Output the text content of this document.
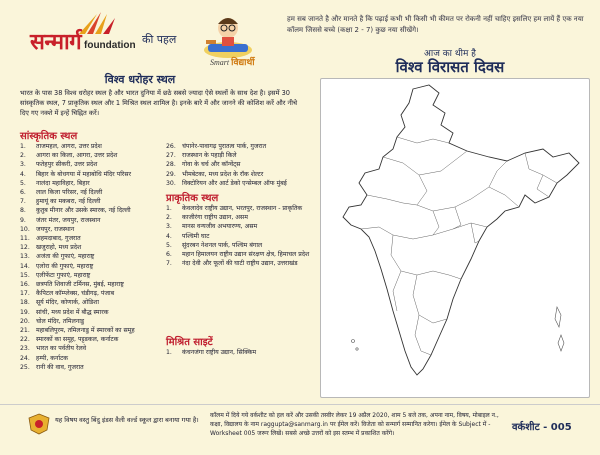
सन्मार्ग foundation की पहल
Smart विद्यार्थी

हम सब जानते है और मानते है कि पढ़ाई कभी भी किसी भी कीमत पर रोकनी नहीं चाहिए इसलिए हम लायें हैं एक नया कॉलम जिससे बच्चे (कक्षा 2 - 7) कुछ नया सीखेंगे।

आज का थीम है
विश्व विरासत दिवस
विश्व धरोहर स्थल

भारत के पास 38 विश्व धरोहर स्थल है और भारत दुनिया में छठे सबसे ज्यादा ऐसे स्थलों के साथ देश है। इसमें 30 सांस्कृतिक स्थल, 7 प्राकृतिक स्थल और 1 मिश्रित स्थल शामिल है। इनके बारे में और जानने की कोशिश करें और नीचे दिए गए नक्शे में इन्हें चिह्नित करें।

सांस्कृतिक स्थल
1. ताजमहल, आगरा, उत्तर प्रदेश
2. आगरा का किला, आगरा, उत्तर प्रदेश
3. फतेहपुर सीकरी, उत्तर प्रदेश
4. बिहार के बोधगया में महाबोधि मंदिर परिसर
5. नालंदा महाविहार, बिहार
6. लाल किला परिसर, नई दिल्ली
7. हुमायूं का मकबरा, नई दिल्ली
8. कुतुब मीनार और उसके स्मारक, नई दिल्ली
9. जंतर मंतर, जयपुर, राजस्थान
10. जयपुर, राजस्थान
11. अहमदाबाद, गुजरात
12. खजुराहो, मध्य प्रदेश
13. अजंता की गुफाएं, महाराष्ट्र
14. एलोरा की गुफाएं, महाराष्ट्र
15. एलीफेंटा गुफाएं, महाराष्ट्र
16. छत्रपति शिवाजी टर्मिनस, मुंबई, महाराष्ट्र
17. कैपिटल कॉम्प्लेक्स, चंडीगढ़, पंजाब
18. सूर्य मंदिर, कोणार्क, ओडिशा
19. सांची, मध्य प्रदेश में बौद्ध स्मारक
20. चोल मंदिर, तमिलनाडु
21. महाबलिपुरम, तमिलनाडु में स्मारकों का समूह
22. स्मारकों का समूह, पट्टडकल, कर्नाटक
23. भारत का पर्वतीय रेलवे
24. हम्पी, कर्नाटक
25. रानी की वाव, गुजरात
26. चंपानेर-पावागढ़ पुरातत्व पार्क, गुजरात
27. राजस्थान के पहाड़ी किले
28. गोवा के चर्च और कॉन्वेंट्स
29. भीमबेटका, मध्य प्रदेश के रॉक शेल्टर
30. विक्टोरियन और आर्ट डेको एन्सेम्बल ऑफ मुंबई
प्राकृतिक स्थल
1. केवलादेव राष्ट्रीय उद्यान, भरतपुर, राजस्थान - प्राकृतिक
2. काजीरंगा राष्ट्रीय उद्यान, असम
3. मानस वन्यजीव अभयारण्य, असम
4. पश्चिमी घाट
5. सुंदरबन नेशनल पार्क, पश्चिम बंगाल
6. महान हिमालयन राष्ट्रीय उद्यान संरक्षण क्षेत्र, हिमाचल प्रदेश
7. नंदा देवी और फूलों की घाटी राष्ट्रीय उद्यान, उत्तराखंड
मिश्रित साइटें
1. कंचनजंगा राष्ट्रीय उद्यान, सिक्किम

यह विषय वस्तु बिंदु इंडस वैली वर्ल्ड स्कूल द्वारा बनाया गया है।

कॉलम में दिये गये वर्कशीट को हल करें और उसकी तस्वीर लेकर 19 अप्रैल 2020, शाम 5 बजे तक, अपना नाम, विषय, मोबाइल न., कक्षा, विद्यालय के नाम raggupta@sanmarg.in पर ईमेल करें। विजेता को सन्मार्ग सम्मानित करेगा। ईमेल के Subject में - Worksheet 005 जरूर लिखें। सबसे अच्छे उत्तरों को इस स्तम्भ में प्रकाशित करेंगे।

वर्कशीट - 005
